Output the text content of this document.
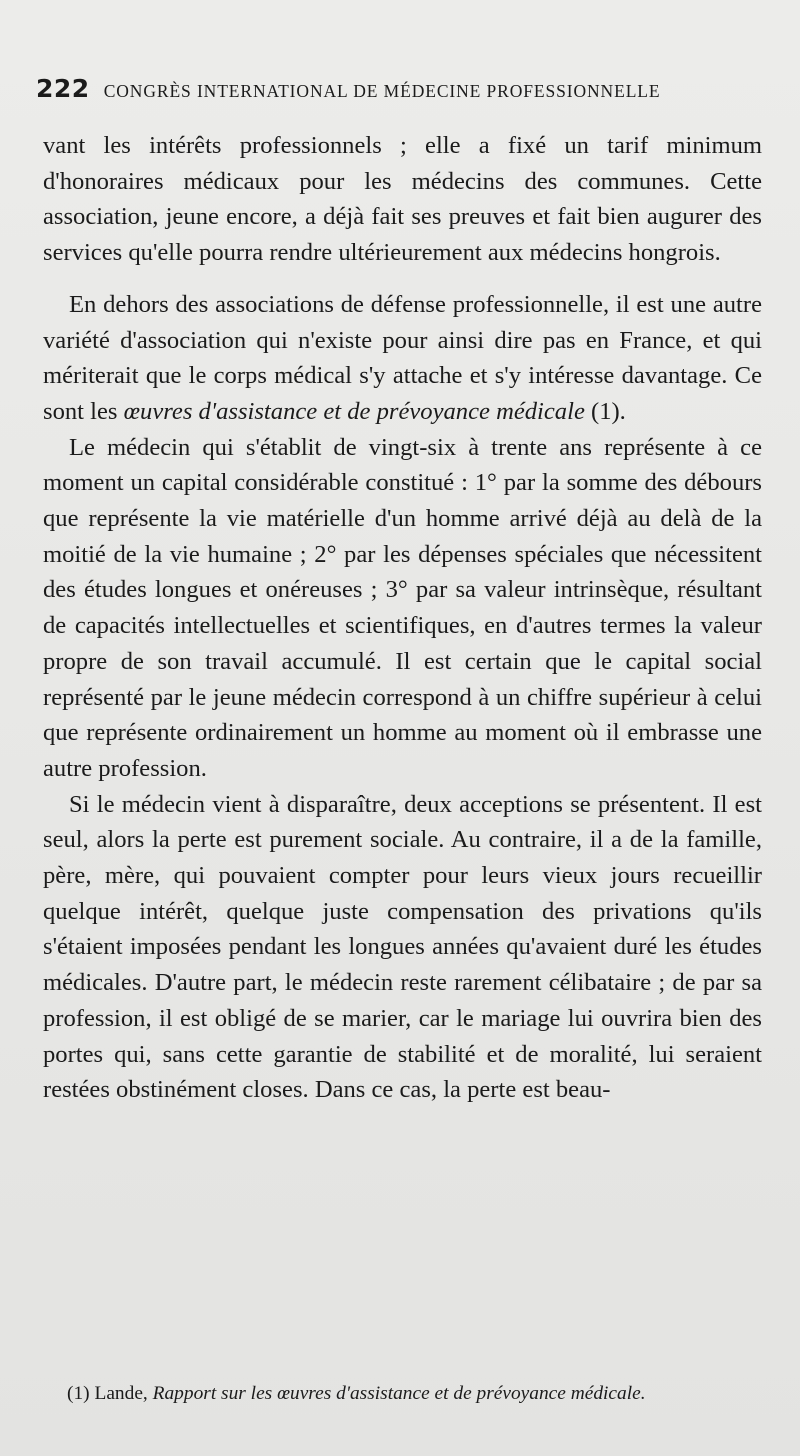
222 CONGRÈS INTERNATIONAL DE MÉDECINE PROFESSIONNELLE

vant les intérêts professionnels ; elle a fixé un tarif minimum d'honoraires médicaux pour les médecins des communes. Cette association, jeune encore, a déjà fait ses preuves et fait bien augurer des services qu'elle pourra rendre ultérieurement aux médecins hongrois.

En dehors des associations de défense professionnelle, il est une autre variété d'association qui n'existe pour ainsi dire pas en France, et qui mériterait que le corps médical s'y attache et s'y intéresse davantage. Ce sont les œuvres d'assistance et de prévoyance médicale (1).

Le médecin qui s'établit de vingt-six à trente ans représente à ce moment un capital considérable constitué : 1° par la somme des débours que représente la vie matérielle d'un homme arrivé déjà au delà de la moitié de la vie humaine ; 2° par les dépenses spéciales que nécessitent des études longues et onéreuses ; 3° par sa valeur intrinsèque, résultant de capacités intellectuelles et scientifiques, en d'autres termes la valeur propre de son travail accumulé. Il est certain que le capital social représenté par le jeune médecin correspond à un chiffre supérieur à celui que représente ordinairement un homme au moment où il embrasse une autre profession.

Si le médecin vient à disparaître, deux acceptions se présentent. Il est seul, alors la perte est purement sociale. Au contraire, il a de la famille, père, mère, qui pouvaient compter pour leurs vieux jours recueillir quelque intérêt, quelque juste compensation des privations qu'ils s'étaient imposées pendant les longues années qu'avaient duré les études médicales. D'autre part, le médecin reste rarement célibataire ; de par sa profession, il est obligé de se marier, car le mariage lui ouvrira bien des portes qui, sans cette garantie de stabilité et de moralité, lui seraient restées obstinément closes. Dans ce cas, la perte est beau-

(1) Lande, Rapport sur les œuvres d'assistance et de prévoyance médicale.
